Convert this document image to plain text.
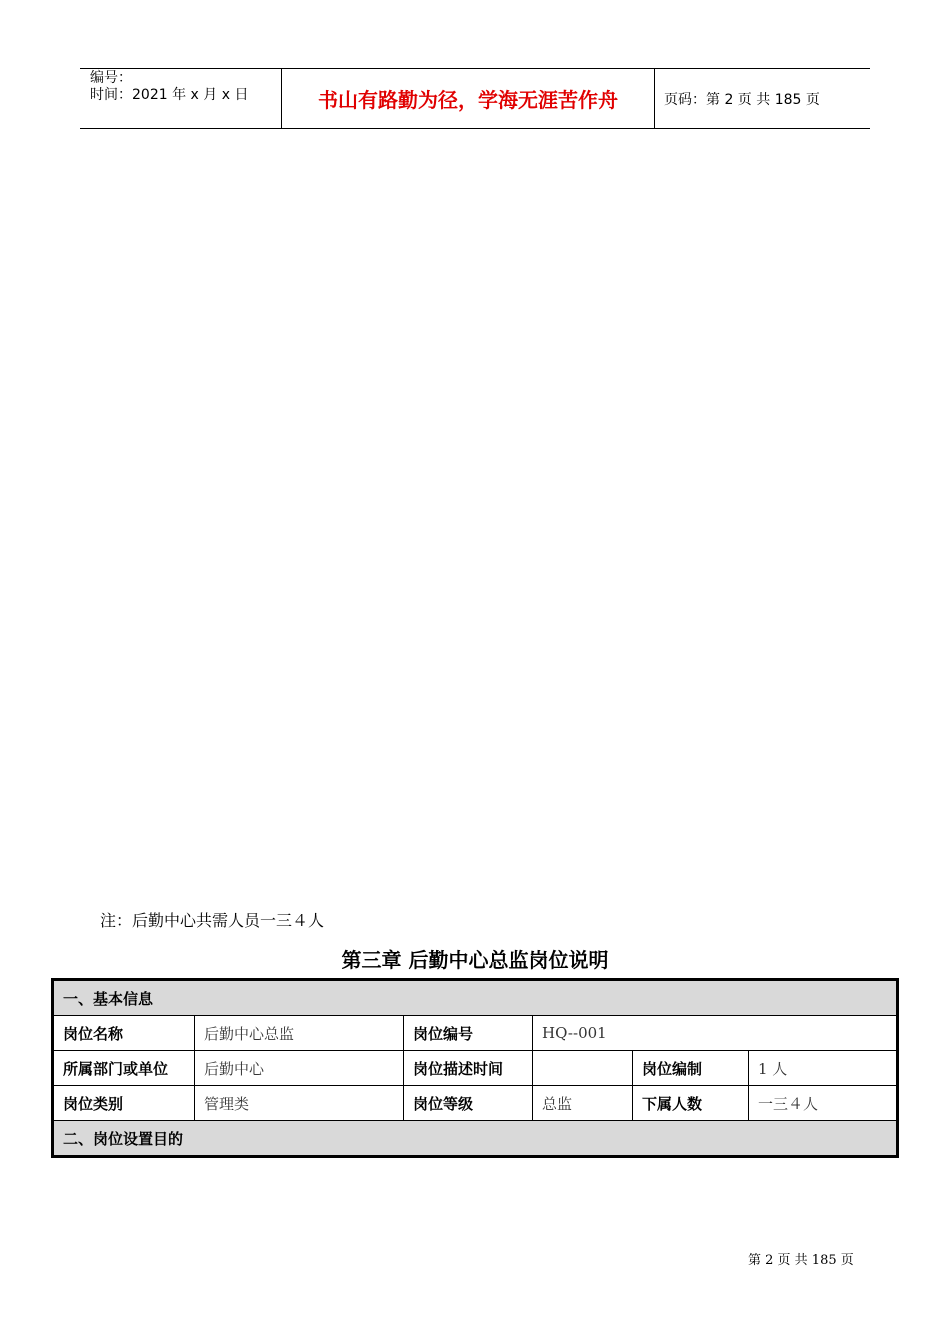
编号：
时间：2021 年 x 月 x 日	书山有路勤为径，学海无涯苦作舟	页码：第 2 页 共 185 页
注：后勤中心共需人员一三４人
第三章 后勤中心总监岗位说明
一、基本信息					
岗位名称	后勤中心总监	岗位编号	HQ--001		
所属部门或单位	后勤中心	岗位描述时间		岗位编制	1 人
岗位类别	管理类	岗位等级	总监	下属人数	一三４人
二、岗位设置目的					
第 2 页 共 185 页
